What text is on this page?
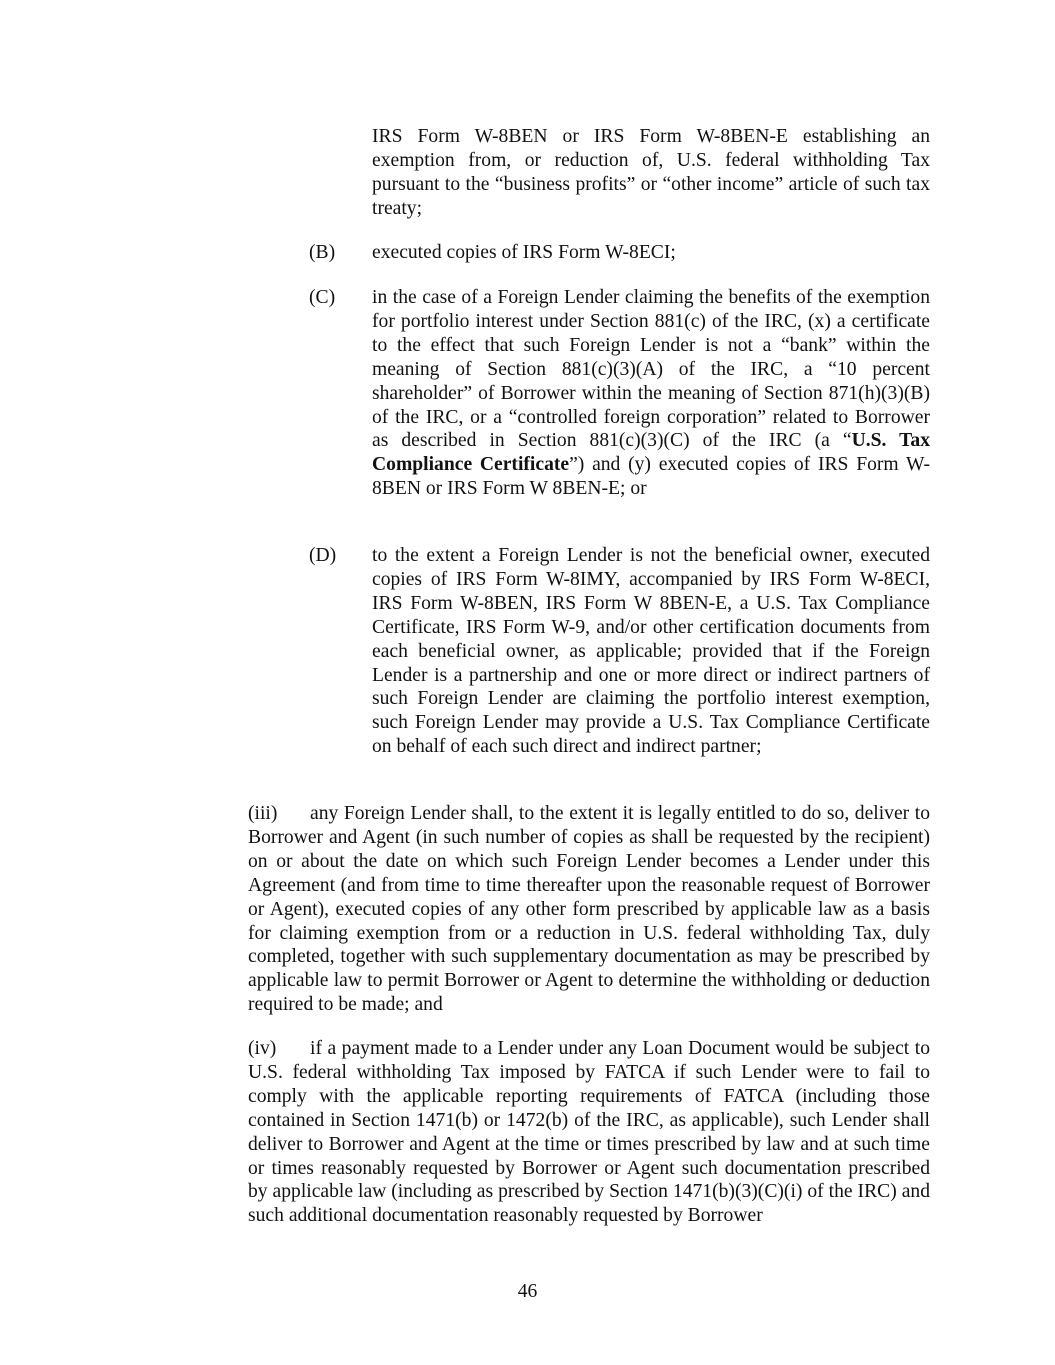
IRS Form W-8BEN or IRS Form W-8BEN-E establishing an exemption from, or reduction of, U.S. federal withholding Tax pursuant to the “business profits” or “other income” article of such tax treaty;

(B) executed copies of IRS Form W-8ECI;

(C) in the case of a Foreign Lender claiming the benefits of the exemption for portfolio interest under Section 881(c) of the IRC, (x) a certificate to the effect that such Foreign Lender is not a “bank” within the meaning of Section 881(c)(3)(A) of the IRC, a “10 percent shareholder” of Borrower within the meaning of Section 871(h)(3)(B) of the IRC, or a “controlled foreign corporation” related to Borrower as described in Section 881(c)(3)(C) of the IRC (a “U.S. Tax Compliance Certificate”) and (y) executed copies of IRS Form W-8BEN or IRS Form W 8BEN-E; or

(D) to the extent a Foreign Lender is not the beneficial owner, executed copies of IRS Form W-8IMY, accompanied by IRS Form W-8ECI, IRS Form W-8BEN, IRS Form W 8BEN-E, a U.S. Tax Compliance Certificate, IRS Form W-9, and/or other certification documents from each beneficial owner, as applicable; provided that if the Foreign Lender is a partnership and one or more direct or indirect partners of such Foreign Lender are claiming the portfolio interest exemption, such Foreign Lender may provide a U.S. Tax Compliance Certificate on behalf of each such direct and indirect partner;

(iii) any Foreign Lender shall, to the extent it is legally entitled to do so, deliver to Borrower and Agent (in such number of copies as shall be requested by the recipient) on or about the date on which such Foreign Lender becomes a Lender under this Agreement (and from time to time thereafter upon the reasonable request of Borrower or Agent), executed copies of any other form prescribed by applicable law as a basis for claiming exemption from or a reduction in U.S. federal withholding Tax, duly completed, together with such supplementary documentation as may be prescribed by applicable law to permit Borrower or Agent to determine the withholding or deduction required to be made; and

(iv) if a payment made to a Lender under any Loan Document would be subject to U.S. federal withholding Tax imposed by FATCA if such Lender were to fail to comply with the applicable reporting requirements of FATCA (including those contained in Section 1471(b) or 1472(b) of the IRC, as applicable), such Lender shall deliver to Borrower and Agent at the time or times prescribed by law and at such time or times reasonably requested by Borrower or Agent such documentation prescribed by applicable law (including as prescribed by Section 1471(b)(3)(C)(i) of the IRC) and such additional documentation reasonably requested by Borrower

46
